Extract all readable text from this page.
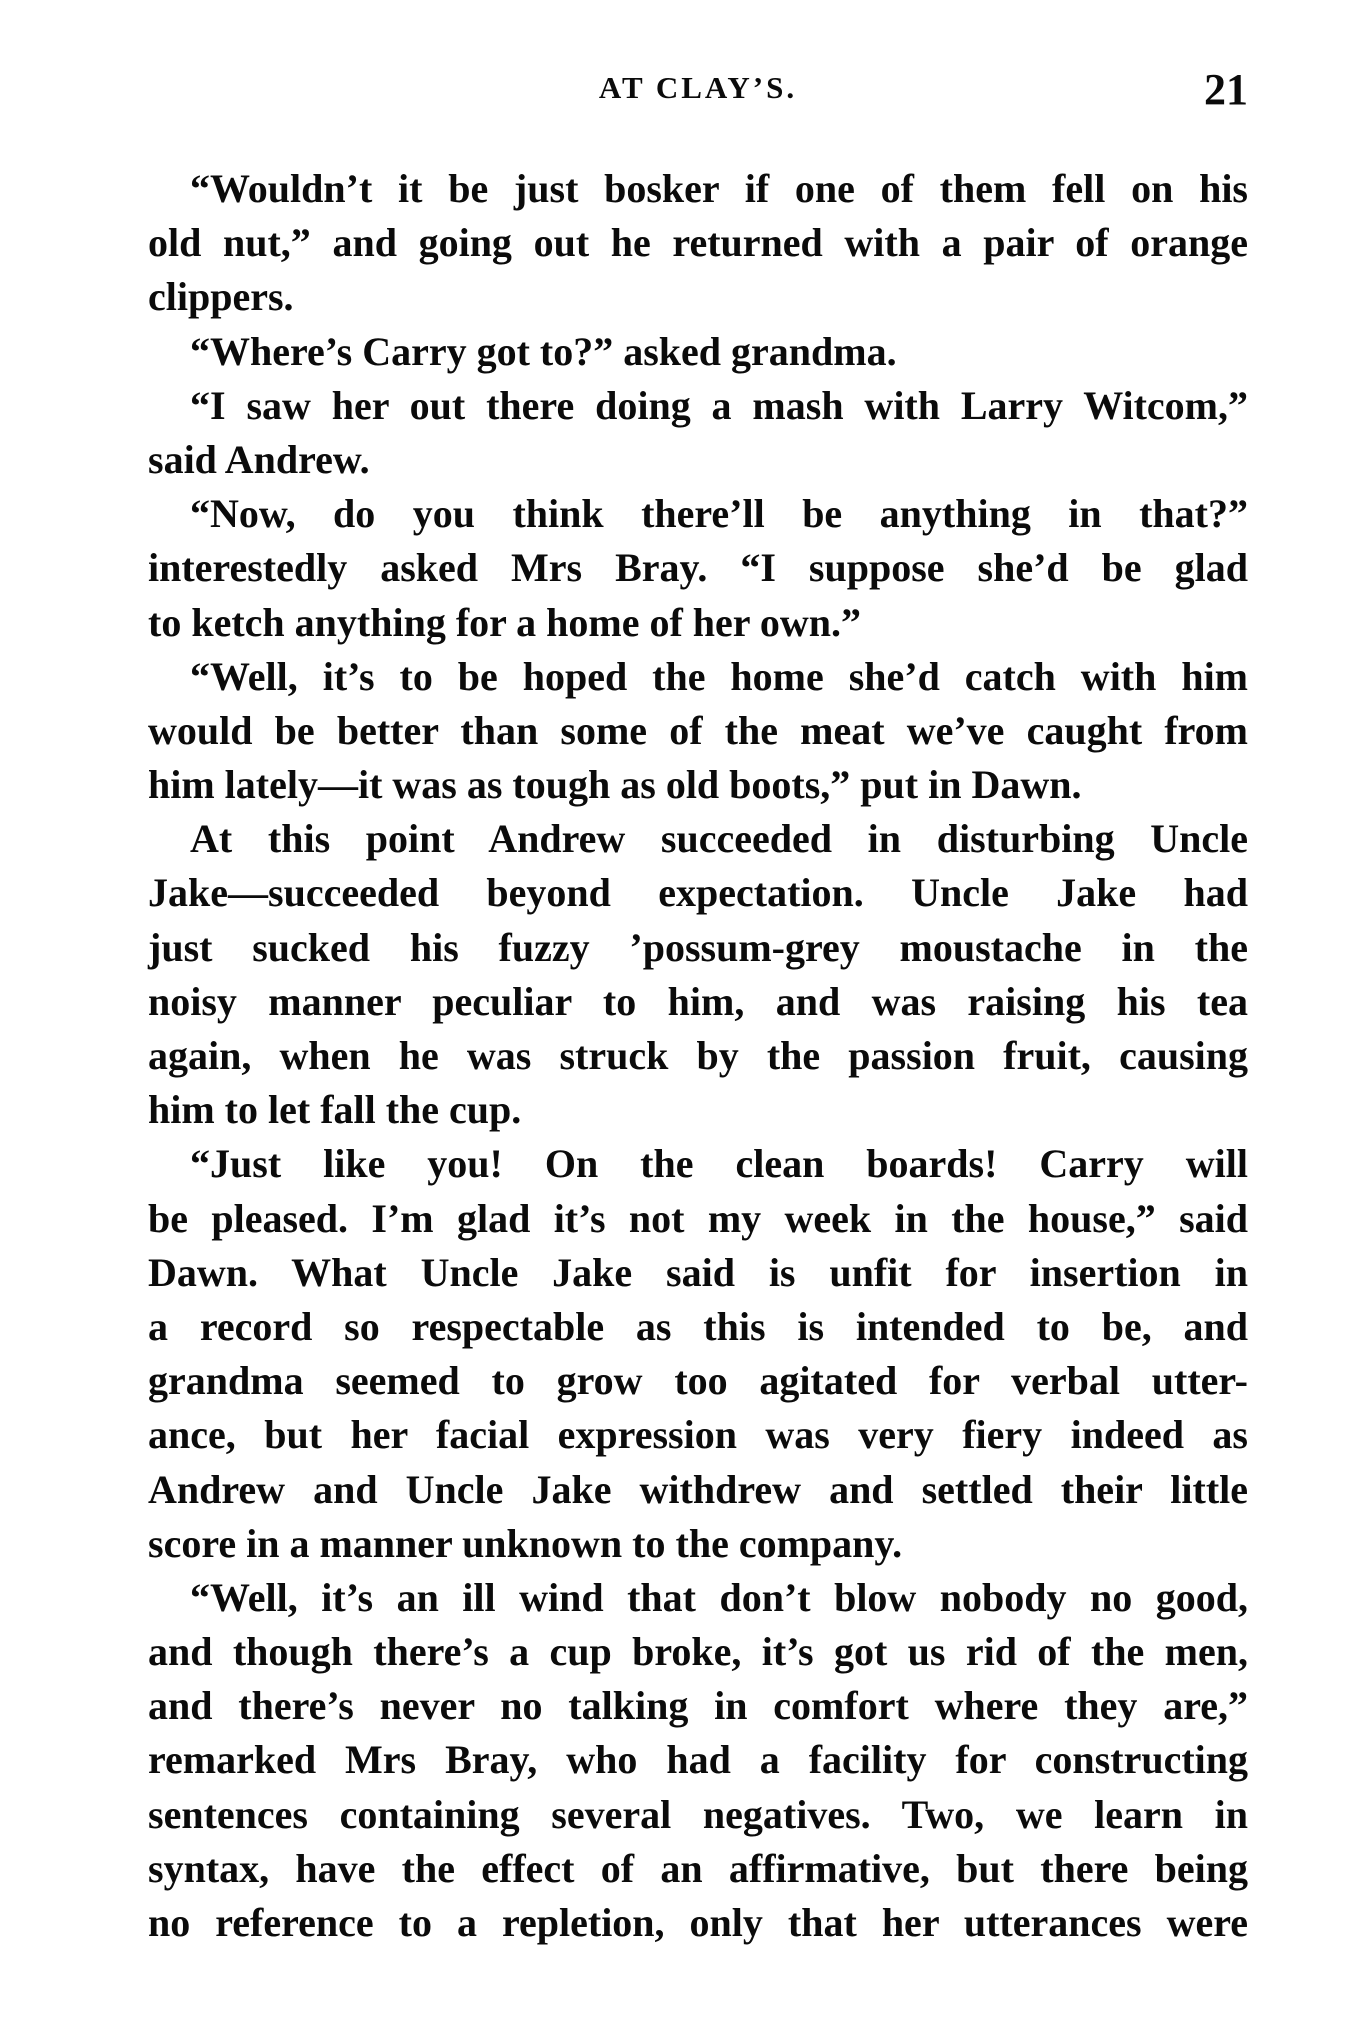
AT CLAY’S.	21
“Wouldn’t it be just bosker if one of them fell on his
old nut,” and going out he returned with a pair of orange
clippers.
“Where’s Carry got to?” asked grandma.
“I saw her out there doing a mash with Larry Witcom,”
said Andrew.
“Now, do you think there’ll be anything in that?”
interestedly asked Mrs Bray. “I suppose she’d be glad
to ketch anything for a home of her own.”
“Well, it’s to be hoped the home she’d catch with him
would be better than some of the meat we’ve caught from
him lately—it was as tough as old boots,” put in Dawn.
At this point Andrew succeeded in disturbing Uncle
Jake—succeeded beyond expectation. Uncle Jake had
just sucked his fuzzy ’possum-grey moustache in the
noisy manner peculiar to him, and was raising his tea
again, when he was struck by the passion fruit, causing
him to let fall the cup.
“Just like you! On the clean boards! Carry will
be pleased. I’m glad it’s not my week in the house,” said
Dawn. What Uncle Jake said is unfit for insertion in
a record so respectable as this is intended to be, and
grandma seemed to grow too agitated for verbal utter-
ance, but her facial expression was very fiery indeed as
Andrew and Uncle Jake withdrew and settled their little
score in a manner unknown to the company.
“Well, it’s an ill wind that don’t blow nobody no good,
and though there’s a cup broke, it’s got us rid of the men,
and there’s never no talking in comfort where they are,”
remarked Mrs Bray, who had a facility for constructing
sentences containing several negatives. Two, we learn in
syntax, have the effect of an affirmative, but there being
no reference to a repletion, only that her utterances were
